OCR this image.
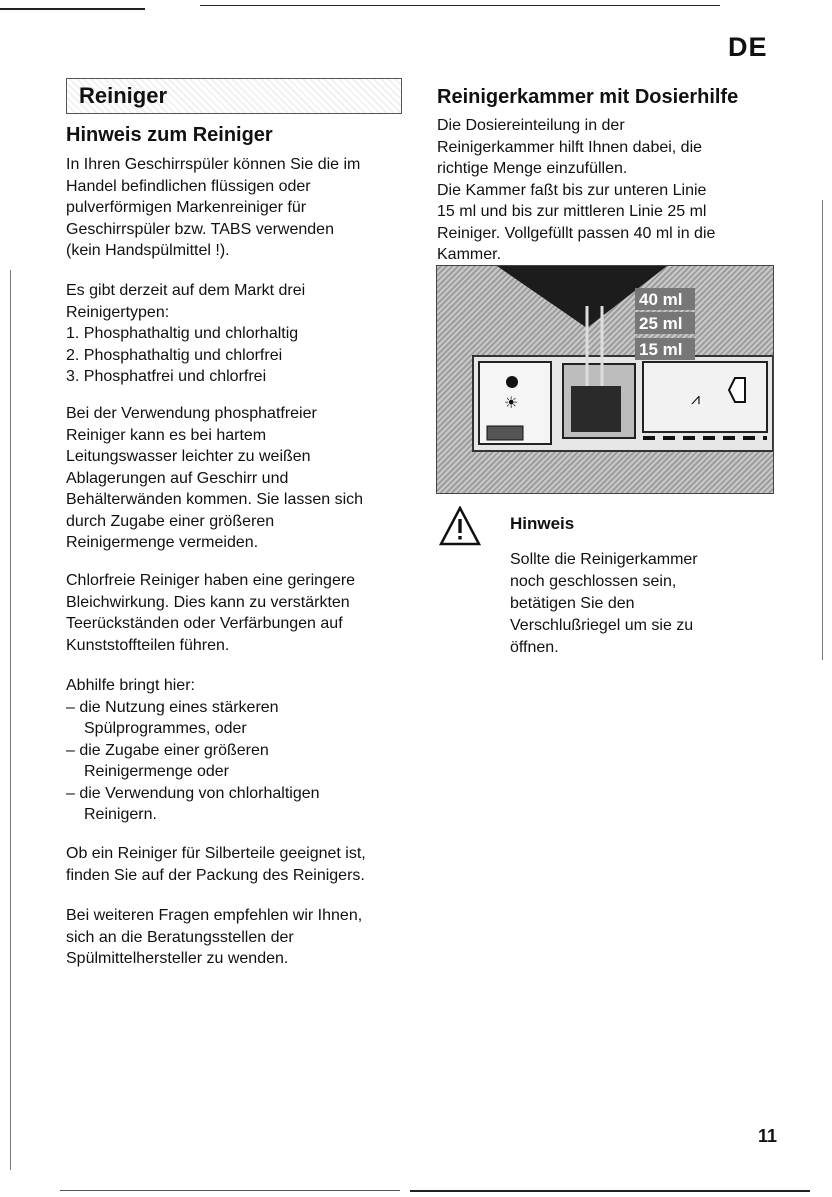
DE
Reiniger
Hinweis zum Reiniger
In Ihren Geschirrspüler können Sie die im
Handel befindlichen flüssigen oder
pulverförmigen Markenreiniger für
Geschirrspüler bzw. TABS verwenden
(kein Handspülmittel !).
Es gibt derzeit auf dem Markt drei
Reinigertypen:
1. Phosphathaltig und chlorhaltig
2. Phosphathaltig und chlorfrei
3. Phosphatfrei und chlorfrei
Bei der Verwendung phosphatfreier
Reiniger kann es bei hartem
Leitungswasser leichter zu weißen
Ablagerungen auf Geschirr und
Behälterwänden kommen. Sie lassen sich
durch Zugabe einer größeren
Reinigermenge vermeiden.
Chlorfreie Reiniger haben eine geringere
Bleichwirkung. Dies kann zu verstärkten
Teerückständen oder Verfärbungen auf
Kunststoffteilen führen.
Abhilfe bringt hier:
– die Nutzung eines stärkeren
Spülprogrammes, oder
– die Zugabe einer größeren
Reinigermenge oder
– die Verwendung von chlorhaltigen
Reinigern.
Ob ein Reiniger für Silberteile geeignet ist,
finden Sie auf der Packung des Reinigers.
Bei weiteren Fragen empfehlen wir Ihnen,
sich an die Beratungsstellen der
Spülmittelhersteller zu wenden.
Reinigerkammer mit Dosierhilfe
Die Dosiereinteilung in der
Reinigerkammer hilft Ihnen dabei, die
richtige Menge einzufüllen.
Die Kammer faßt bis zur unteren Linie
15 ml und bis zur mittleren Linie 25 ml
Reiniger. Vollgefüllt passen 40 ml in die
Kammer.
☀	⩘
40 ml
25 ml
15 ml
Hinweis
Sollte die Reinigerkammer
noch geschlossen sein,
betätigen Sie den
Verschlußriegel um sie zu
öffnen.
11
